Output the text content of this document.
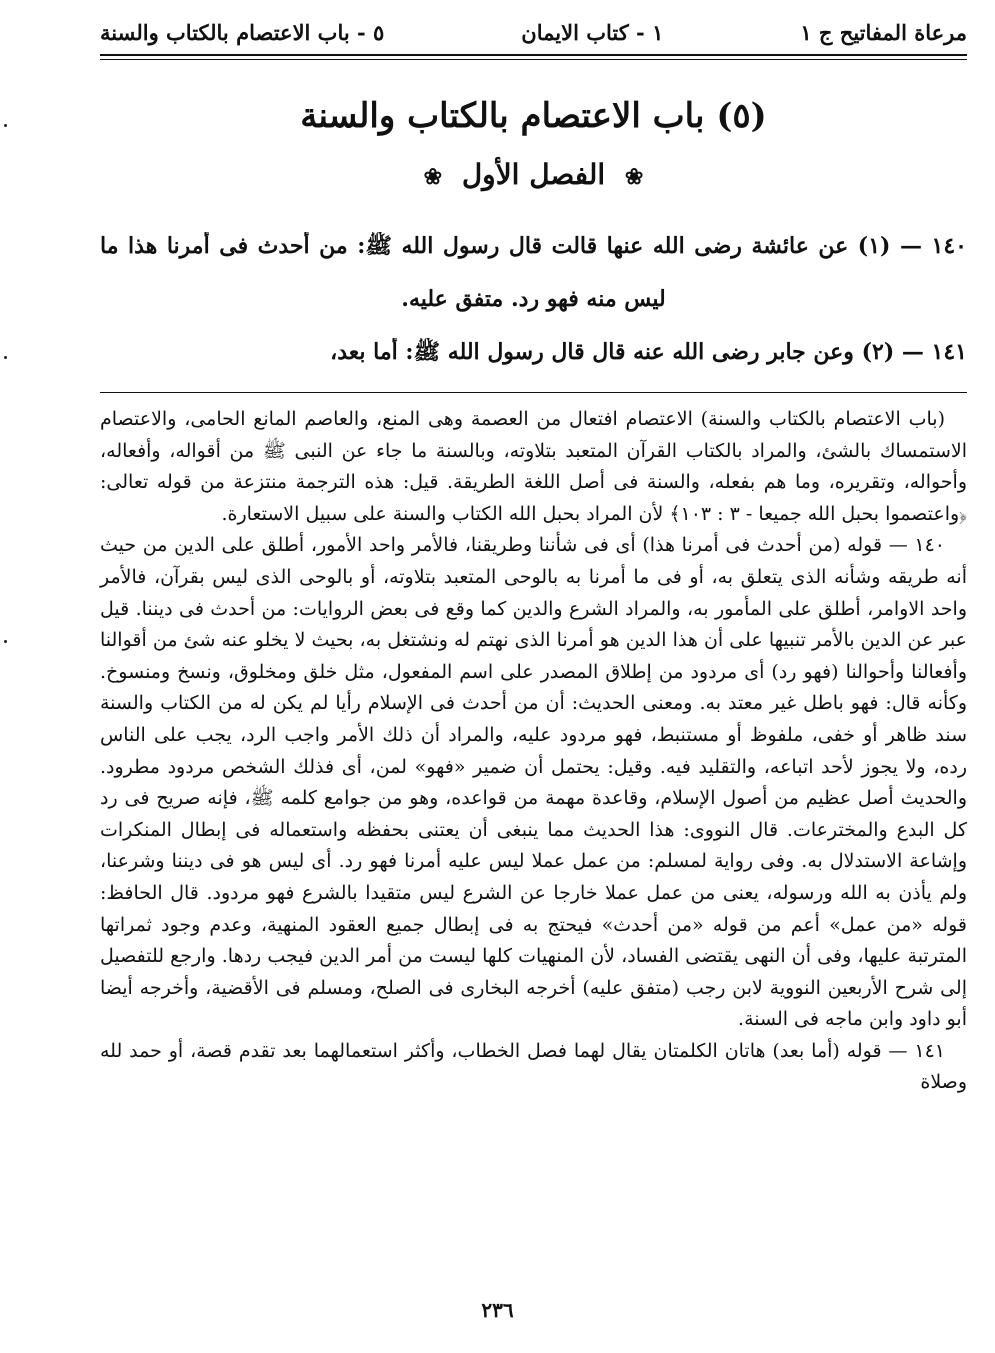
مرعاة المفاتيح ج ١
١ - كتاب الايمان
٥ - باب الاعتصام بالكتاب والسنة
(٥) باب الاعتصام بالكتاب والسنة
❀ الفصل الأول ❀
١٤٠ — (١) عن عائشة رضى الله عنها قالت قال رسول الله ﷺ: من أحدث فى أمرنا هذا ما
ليس منه فهو رد. متفق عليه.
١٤١ — (٢) وعن جابر رضى الله عنه قال قال رسول الله ﷺ: أما بعد،

(باب الاعتصام بالكتاب والسنة) الاعتصام افتعال من العصمة وهى المنع، والعاصم المانع الحامى، والاعتصام الاستمساك بالشئ، والمراد بالكتاب القرآن المتعبد بتلاوته، وبالسنة ما جاء عن النبى ﷺ من أقواله، وأفعاله، وأحواله، وتقريره، وما هم بفعله، والسنة فى أصل اللغة الطريقة. قيل: هذه الترجمة منتزعة من قوله تعالى: ﴿واعتصموا بحبل الله جميعا - ٣ : ١٠٣﴾ لأن المراد بحبل الله الكتاب والسنة على سبيل الاستعارة.

١٤٠ — قوله (من أحدث فى أمرنا هذا) أى فى شأننا وطريقنا، فالأمر واحد الأمور، أطلق على الدين من حيث أنه طريقه وشأنه الذى يتعلق به، أو فى ما أمرنا به بالوحى المتعبد بتلاوته، أو بالوحى الذى ليس بقرآن، فالأمر واحد الاوامر، أطلق على المأمور به، والمراد الشرع والدين كما وقع فى بعض الروايات: من أحدث فى ديننا. قيل عبر عن الدين بالأمر تنبيها على أن هذا الدين هو أمرنا الذى نهتم له ونشتغل به، بحيث لا يخلو عنه شئ من أقوالنا وأفعالنا وأحوالنا (فهو رد) أى مردود من إطلاق المصدر على اسم المفعول، مثل خلق ومخلوق، ونسخ ومنسوخ. وكأنه قال: فهو باطل غير معتد به. ومعنى الحديث: أن من أحدث فى الإسلام رأيا لم يكن له من الكتاب والسنة سند ظاهر أو خفى، ملفوظ أو مستنبط، فهو مردود عليه، والمراد أن ذلك الأمر واجب الرد، يجب على الناس رده، ولا يجوز لأحد اتباعه، والتقليد فيه. وقيل: يحتمل أن ضمير «فهو» لمن، أى فذلك الشخص مردود مطرود. والحديث أصل عظيم من أصول الإسلام، وقاعدة مهمة من قواعده، وهو من جوامع كلمه ﷺ، فإنه صريح فى رد كل البدع والمخترعات. قال النووى: هذا الحديث مما ينبغى أن يعتنى بحفظه واستعماله فى إبطال المنكرات وإشاعة الاستدلال به. وفى رواية لمسلم: من عمل عملا ليس عليه أمرنا فهو رد. أى ليس هو فى ديننا وشرعنا، ولم يأذن به الله ورسوله، يعنى من عمل عملا خارجا عن الشرع ليس متقيدا بالشرع فهو مردود. قال الحافظ: قوله «من عمل» أعم من قوله «من أحدث» فيحتج به فى إبطال جميع العقود المنهية، وعدم وجود ثمراتها المترتبة عليها، وفى أن النهى يقتضى الفساد، لأن المنهيات كلها ليست من أمر الدين فيجب ردها. وارجع للتفصيل إلى شرح الأربعين النووية لابن رجب (متفق عليه) أخرجه البخارى فى الصلح، ومسلم فى الأقضية، وأخرجه أيضا أبو داود وابن ماجه فى السنة.

١٤١ — قوله (أما بعد) هاتان الكلمتان يقال لهما فصل الخطاب، وأكثر استعمالهما بعد تقدم قصة، أو حمد لله وصلاة

٢٣٦
